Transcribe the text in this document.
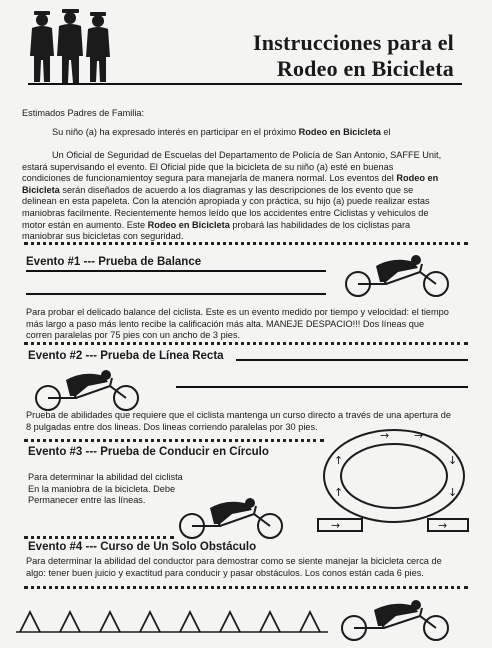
Instrucciones para el
Rodeo en Bicicleta
Estimados Padres de Familia:
Su niño (a) ha expresado interés en participar en el próximo Rodeo en Bicicleta el
Un Oficial de Seguridad de Escuelas del Departamento de Policía de San Antonio, SAFFE Unit,
estará supervisando el evento. El Oficial pide que la bicicleta de su niño (a) esté en buenas
condiciones de funcionamientoy segura para manejarla de manera normal. Los eventos del Rodeo en
Bicicleta serán diseñados de acuerdo a los diagramas y las descripciones de los evento que se
delinean en esta papeleta. Con la atención apropiada y con práctica, su hijo (a) puede realizar estas
maniobras facilmente. Recientemente hemos leído que los accidentes entre Ciclistas y vehiculos de
motor están en aumento. Este Rodeo en Bicicleta probará las habilidades de los ciclistas para
maniobrar sus bicicletas con seguridad.
Evento #1 --- Prueba de Balance
Para probar el delicado balance del ciclista. Este es un evento medido por tiempo y velocidad: el tiempo
más largo a paso más lento recibe la calificación más alta. MANEJE DESPACIO!!! Dos líneas que
corren paralelas por 75 pies con un ancho de 3 pies.
Evento #2 --- Prueba de Línea Recta
Prueba de abilidades que requiere que el ciclista mantenga un curso directo a través de una apertura de
8 pulgadas entre dos lineas. Dos lineas corriendo paralelas por 30 pies.
Evento #3 --- Prueba de Conducir en Círculo
Para determinar la abilidad del ciclista
En la maniobra de la bicicleta. Debe
Permanecer entre las líneas.
→ →
↑
↑
↓
↓
→	→
Evento #4 --- Curso de Un Solo Obstáculo
Para determinar la abilidad del conductor para demostrar como se siente manejar la bicicleta cerca de
algo: tener buen juicio y exactitud para conducir y pasar obstáculos. Los conos están cada 6 pies.
